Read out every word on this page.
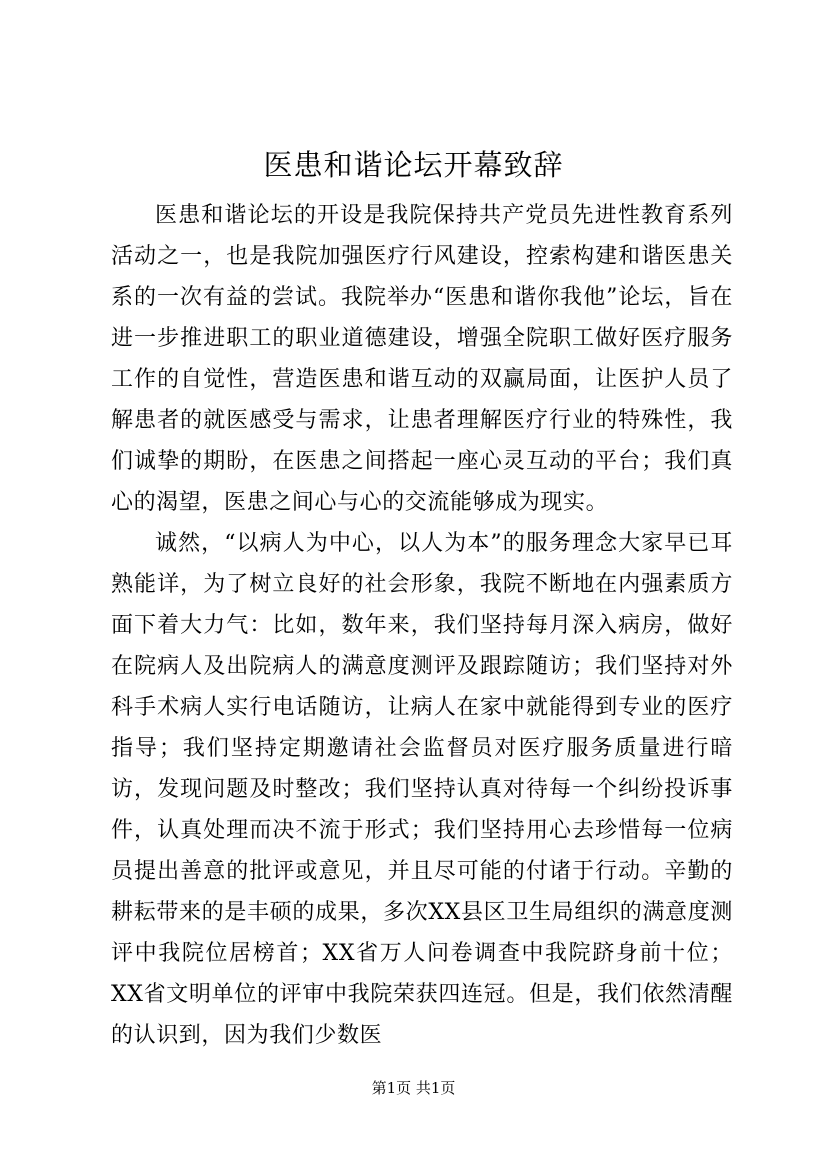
医患和谐论坛开幕致辞

医患和谐论坛的开设是我院保持共产党员先进性教育系列活动之一，也是我院加强医疗行风建设，控索构建和谐医患关系的一次有益的尝试。我院举办“医患和谐你我他”论坛，旨在进一步推进职工的职业道德建设，增强全院职工做好医疗服务工作的自觉性，营造医患和谐互动的双赢局面，让医护人员了解患者的就医感受与需求，让患者理解医疗行业的特殊性，我们诚挚的期盼，在医患之间搭起一座心灵互动的平台；我们真心的渴望，医患之间心与心的交流能够成为现实。

诚然，“以病人为中心，以人为本”的服务理念大家早已耳熟能详，为了树立良好的社会形象，我院不断地在内强素质方面下着大力气：比如，数年来，我们坚持每月深入病房，做好在院病人及出院病人的满意度测评及跟踪随访；我们坚持对外科手术病人实行电话随访，让病人在家中就能得到专业的医疗指导；我们坚持定期邀请社会监督员对医疗服务质量进行暗访，发现问题及时整改；我们坚持认真对待每一个纠纷投诉事件，认真处理而决不流于形式；我们坚持用心去珍惜每一位病员提出善意的批评或意见，并且尽可能的付诸于行动。辛勤的耕耘带来的是丰硕的成果，多次XX县区卫生局组织的满意度测评中我院位居榜首；XX省万人问卷调查中我院跻身前十位；XX省文明单位的评审中我院荣获四连冠。但是，我们依然清醒的认识到，因为我们少数医

第1页 共1页
